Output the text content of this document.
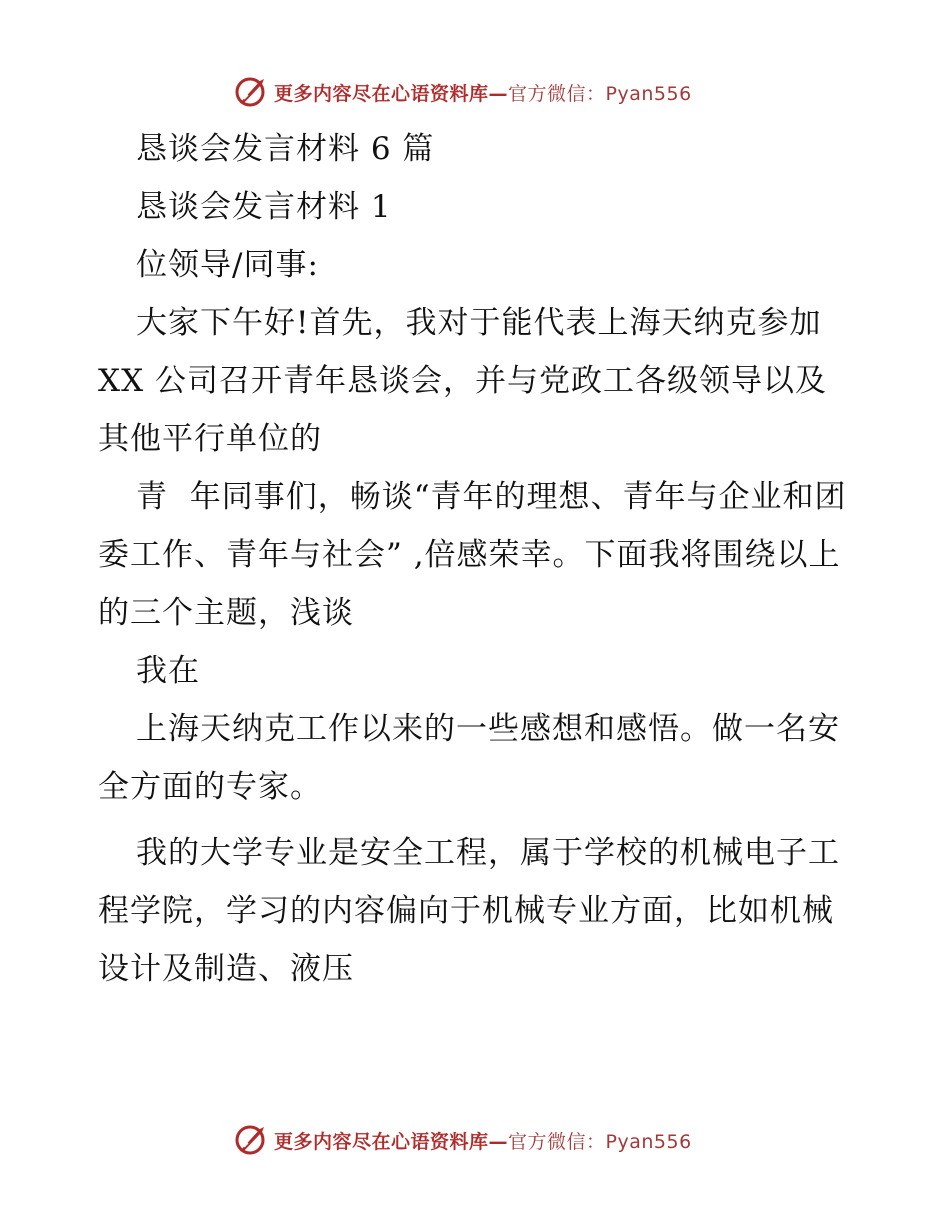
更多内容尽在心语资料库—官方微信：Pyan556

恳谈会发言材料 6 篇

恳谈会发言材料 1

位领导/同事:

大家下午好!首先，我对于能代表上海天纳克参加 XX 公司召开青年恳谈会，并与党政工各级领导以及其他平行单位的

青  年同事们，畅谈“青年的理想、青年与企业和团委工作、青年与社会” ,倍感荣幸。下面我将围绕以上的三个主题，浅谈

我在

上海天纳克工作以来的一些感想和感悟。做一名安全方面的专家。

我的大学专业是安全工程，属于学校的机械电子工程学院，学习的内容偏向于机械专业方面，比如机械设计及制造、液压

更多内容尽在心语资料库—官方微信：Pyan556
